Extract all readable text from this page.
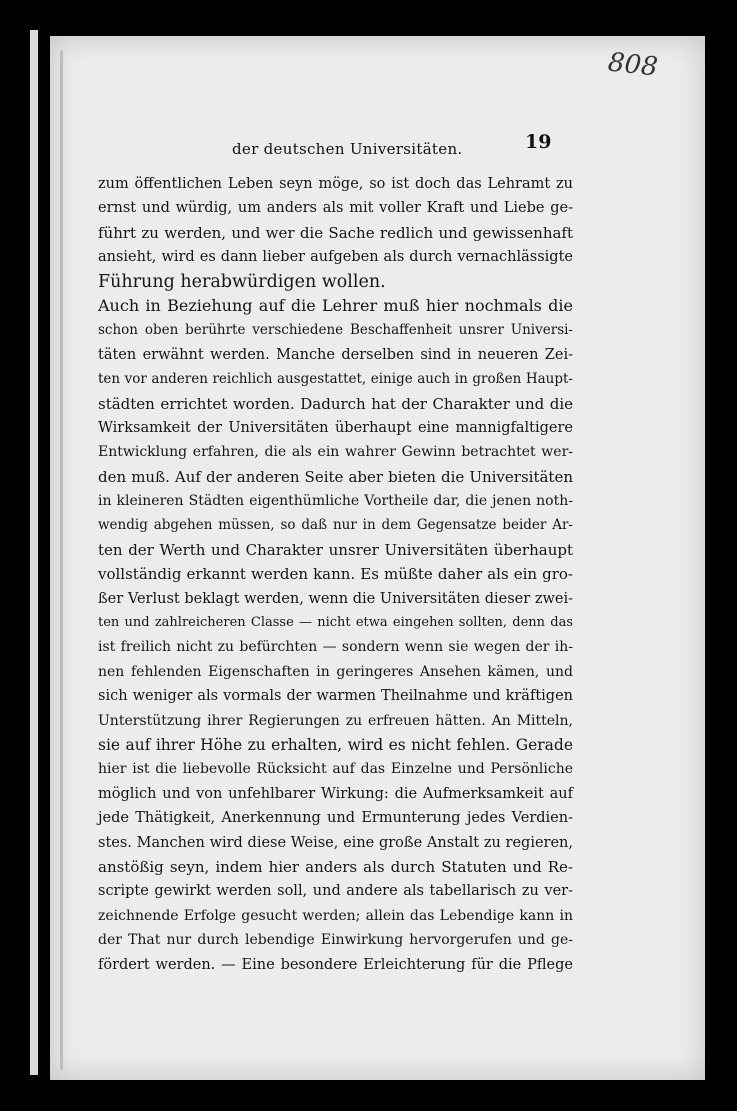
808
der deutschen Universitäten.	19
zum öffentlichen Leben seyn möge, so ist doch das Lehramt zu
ernst und würdig, um anders als mit voller Kraft und Liebe ge-
führt zu werden, und wer die Sache redlich und gewissenhaft
ansieht, wird es dann lieber aufgeben als durch vernachlässigte
Führung herabwürdigen wollen.
Auch in Beziehung auf die Lehrer muß hier nochmals die
schon oben berührte verschiedene Beschaffenheit unsrer Universi-
täten erwähnt werden. Manche derselben sind in neueren Zei-
ten vor anderen reichlich ausgestattet, einige auch in großen Haupt-
städten errichtet worden. Dadurch hat der Charakter und die
Wirksamkeit der Universitäten überhaupt eine mannigfaltigere
Entwicklung erfahren, die als ein wahrer Gewinn betrachtet wer-
den muß. Auf der anderen Seite aber bieten die Universitäten
in kleineren Städten eigenthümliche Vortheile dar, die jenen noth-
wendig abgehen müssen, so daß nur in dem Gegensatze beider Ar-
ten der Werth und Charakter unsrer Universitäten überhaupt
vollständig erkannt werden kann. Es müßte daher als ein gro-
ßer Verlust beklagt werden, wenn die Universitäten dieser zwei-
ten und zahlreicheren Classe — nicht etwa eingehen sollten, denn das
ist freilich nicht zu befürchten — sondern wenn sie wegen der ih-
nen fehlenden Eigenschaften in geringeres Ansehen kämen, und
sich weniger als vormals der warmen Theilnahme und kräftigen
Unterstützung ihrer Regierungen zu erfreuen hätten. An Mitteln,
sie auf ihrer Höhe zu erhalten, wird es nicht fehlen. Gerade
hier ist die liebevolle Rücksicht auf das Einzelne und Persönliche
möglich und von unfehlbarer Wirkung: die Aufmerksamkeit auf
jede Thätigkeit, Anerkennung und Ermunterung jedes Verdien-
stes. Manchen wird diese Weise, eine große Anstalt zu regieren,
anstößig seyn, indem hier anders als durch Statuten und Re-
scripte gewirkt werden soll, und andere als tabellarisch zu ver-
zeichnende Erfolge gesucht werden; allein das Lebendige kann in
der That nur durch lebendige Einwirkung hervorgerufen und ge-
fördert werden. — Eine besondere Erleichterung für die Pflege
